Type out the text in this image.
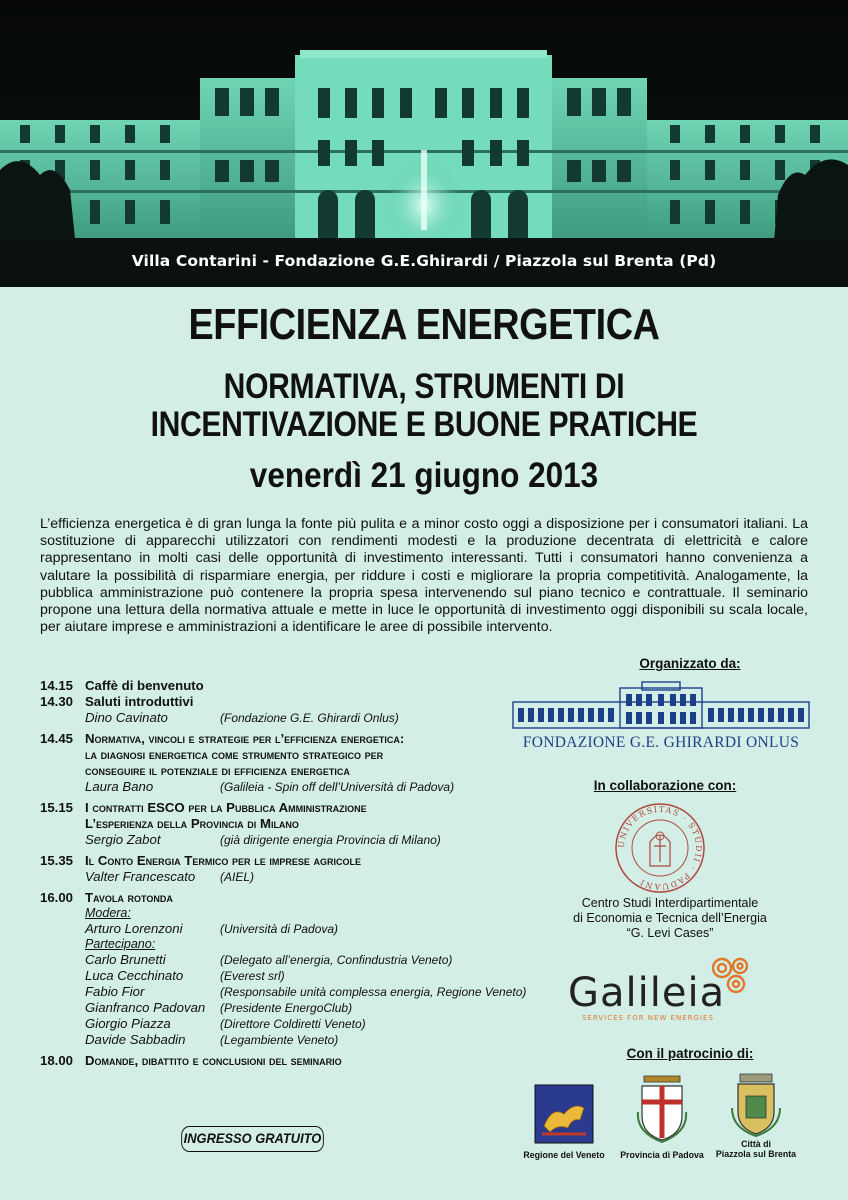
Villa Contarini - Fondazione G.E.Ghirardi / Piazzola sul Brenta (Pd)
EFFICIENZA ENERGETICA
NORMATIVA, STRUMENTI DI
INCENTIVAZIONE E BUONE PRATICHE
venerdì 21 giugno 2013

L’efficienza energetica è di gran lunga la fonte più pulita e a minor costo oggi a disposizione per i consumatori italiani. La sostituzione di apparecchi utilizzatori con rendimenti modesti e la produzione decentrata di elettricità e calore rappresentano in molti casi delle opportunità di investimento interessanti. Tutti i consumatori hanno convenienza a valutare la possibilità di risparmiare energia, per riddure i costi e migliorare la propria competitività. Analogamente, la pubblica amministrazione può contenere la propria spesa intervenendo sul piano tecnico e contrattuale. Il seminario propone una lettura della normativa attuale e mette in luce le opportunità di investimento oggi disponibili su scala locale, per aiutare imprese e amministrazioni a identificare le aree di possibile intervento.

14.15 Caffè di benvenuto
14.30 Saluti introduttivi
Dino Cavinato	(Fondazione G.E. Ghirardi Onlus)
14.45 Normativa, vincoli e strategie per l’efficienza energetica:
la diagnosi energetica come strumento strategico per
conseguire il potenziale di efficienza energetica
Laura Bano	(Galileia - Spin off dell’Università di Padova)
15.15 I contratti ESCO per la Pubblica Amministrazione
L’esperienza della Provincia di Milano
Sergio Zabot	(già dirigente energia Provincia di Milano)
15.35 Il Conto Energia Termico per le imprese agricole
Valter Francescato	(AIEL)
16.00 Tavola rotonda
Modera:
Arturo Lorenzoni	(Università di Padova)
Partecipano:
Carlo Brunetti	(Delegato all’energia, Confindustria Veneto)
Luca Cecchinato	(Everest srl)
Fabio Fior	(Responsabile unità complessa energia, Regione Veneto)
Gianfranco Padovan	(Presidente EnergoClub)
Giorgio Piazza	(Direttore Coldiretti Veneto)
Davide Sabbadin	(Legambiente Veneto)
18.00 Domande, dibattito e conclusioni del seminario
INGRESSO GRATUITO
Organizzato da:
FONDAZIONE G.E. GHIRARDI ONLUS
In collaborazione con:
UNIVERSITAS · STUDII · PADUANI
Centro Studi Interdipartimentale
di Economia e Tecnica dell’Energia
“G. Levi Cases”
Galileia
SERVICES FOR NEW ENERGIES
Con il patrocinio di:
Regione del Veneto	Provincia di Padova
Città di
Piazzola sul Brenta
